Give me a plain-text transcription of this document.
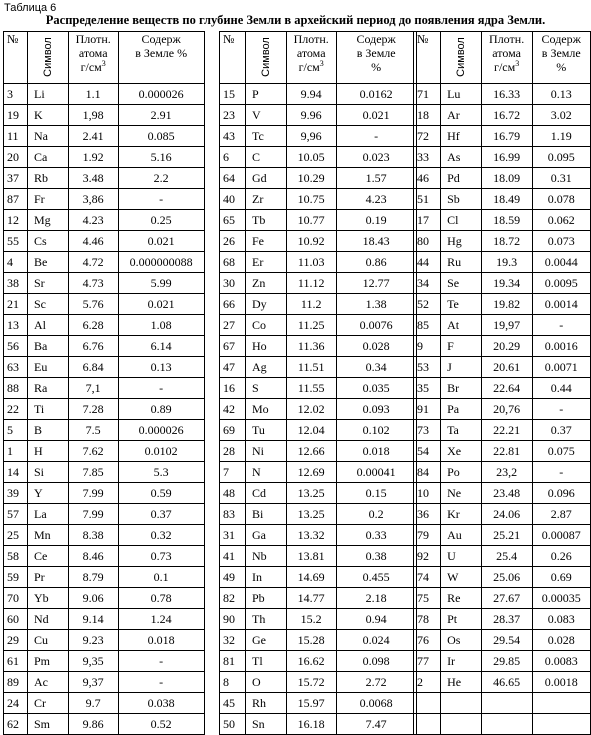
Таблица 6
Распределение веществ по глубине Земли в архейский период до появления ядра Земли.
№	Символ	Плотн.
атома
$г/см^3$	Содерж
в Земле %

3	Li	1.1	0.000026
19	K	1,98	2.91
11	Na	2.41	0.085
20	Ca	1.92	5.16
37	Rb	3.48	2.2
87	Fr	3,86	-
12	Mg	4.23	0.25
55	Cs	4.46	0.021
4	Be	4.72	0.000000088
38	Sr	4.73	5.99
21	Sc	5.76	0.021
13	Al	6.28	1.08
56	Ba	6.76	6.14
63	Eu	6.84	0.13
88	Ra	7,1	-
22	Ti	7.28	0.89
5	B	7.5	0.000026
1	H	7.62	0.0102
14	Si	7.85	5.3
39	Y	7.99	0.59
57	La	7.99	0.37
25	Mn	8.38	0.32
58	Ce	8.46	0.73
59	Pr	8.79	0.1
70	Yb	9.06	0.78
60	Nd	9.14	1.24
29	Cu	9.23	0.018
61	Pm	9,35	-
89	Ac	9,37	-
24	Cr	9.7	0.038
62	Sm	9.86	0.52
№	Символ	Плотн.
атома
$г/см^3$	Содерж
в Земле
%

15	P	9.94	0.0162
23	V	9.96	0.021
43	Tc	9,96	-
6	C	10.05	0.023
64	Gd	10.29	1.57
40	Zr	10.75	4.23
65	Tb	10.77	0.19
26	Fe	10.92	18.43
68	Er	11.03	0.86
30	Zn	11.12	12.77
66	Dy	11.2	1.38
27	Co	11.25	0.0076
67	Ho	11.36	0.028
47	Ag	11.51	0.34
16	S	11.55	0.035
42	Mo	12.02	0.093
69	Tu	12.04	0.102
28	Ni	12.66	0.018
7	N	12.69	0.00041
48	Cd	13.25	0.15
83	Bi	13.25	0.2
31	Ga	13.32	0.33
41	Nb	13.81	0.38
49	In	14.69	0.455
82	Pb	14.77	2.18
90	Th	15.2	0.94
32	Ge	15.28	0.024
81	Tl	16.62	0.098
8	O	15.72	2.72
45	Rh	15.97	0.0068
50	Sn	16.18	7.47
№	Символ	Плотн.
атома
$г/см^3$	Содерж
в Земле
%

71	Lu	16.33	0.13
18	Ar	16.72	3.02
72	Hf	16.79	1.19
33	As	16.99	0.095
46	Pd	18.09	0.31
51	Sb	18.49	0.078
17	Cl	18.59	0.062
80	Hg	18.72	0.073
44	Ru	19.3	0.0044
34	Se	19.34	0.0095
52	Te	19.82	0.0014
85	At	19,97	-
9	F	20.29	0.0016
53	J	20.61	0.0071
35	Br	22.64	0.44
91	Pa	20,76	-
73	Ta	22.21	0.37
54	Xe	22.81	0.075
84	Po	23,2	-
10	Ne	23.48	0.096
36	Kr	24.06	2.87
79	Au	25.21	0.00087
92	U	25.4	0.26
74	W	25.06	0.69
75	Re	27.67	0.00035
78	Pt	28.37	0.083
76	Os	29.54	0.028
77	Ir	29.85	0.0083
2	He	46.65	0.0018
